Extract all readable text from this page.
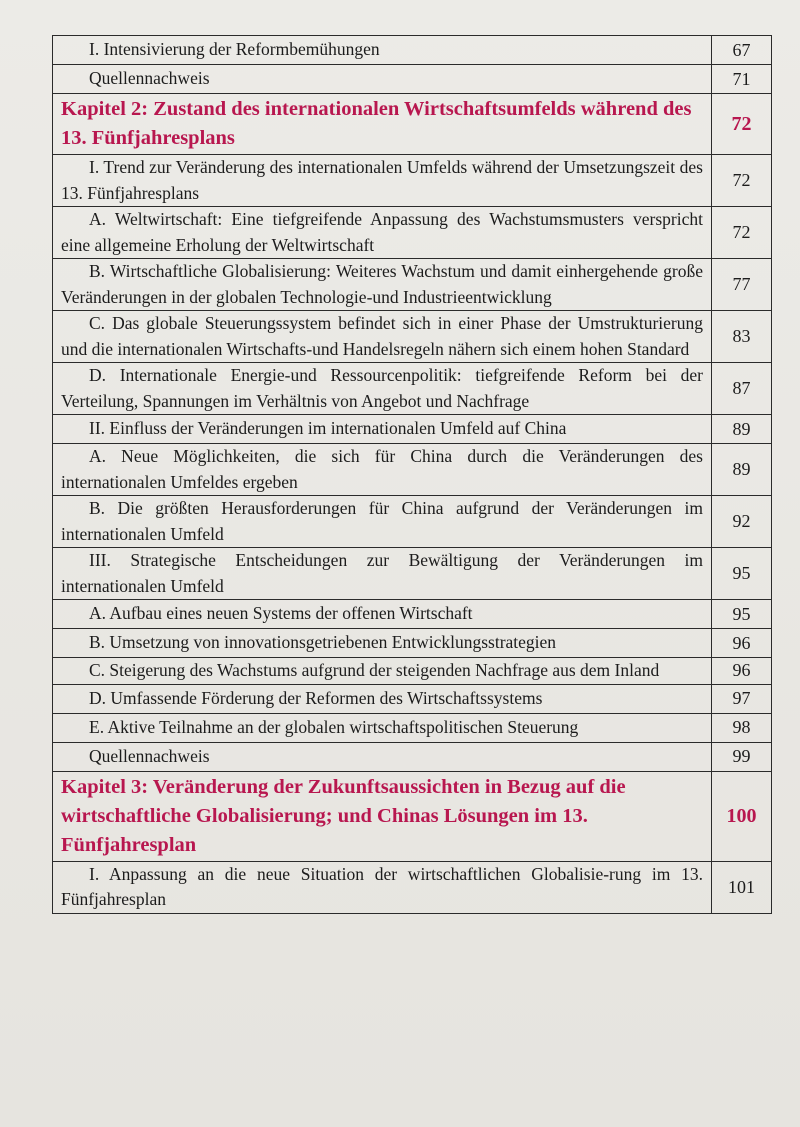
I. Intensivierung der Reformbemühungen	67
Quellennachweis	71
Kapitel 2: Zustand des internationalen Wirtschaftsumfelds während des 13. Fünfjahresplans	72
I. Trend zur Veränderung des internationalen Umfelds während der Umsetzungszeit des 13. Fünfjahresplans	72
A. Weltwirtschaft: Eine tiefgreifende Anpassung des Wachstumsmusters verspricht eine allgemeine Erholung der Weltwirtschaft	72
B. Wirtschaftliche Globalisierung: Weiteres Wachstum und damit einhergehende große Veränderungen in der globalen Technologie-und Industrieentwicklung	77
C. Das globale Steuerungssystem befindet sich in einer Phase der Umstrukturierung und die internationalen Wirtschafts-und Handelsregeln nähern sich einem hohen Standard	83
D. Internationale Energie-und Ressourcenpolitik: tiefgreifende Reform bei der Verteilung, Spannungen im Verhältnis von Angebot und Nachfrage	87
II. Einfluss der Veränderungen im internationalen Umfeld auf China	89
A. Neue Möglichkeiten, die sich für China durch die Veränderungen des internationalen Umfeldes ergeben	89
B. Die größten Herausforderungen für China aufgrund der Veränderungen im internationalen Umfeld	92
III. Strategische Entscheidungen zur Bewältigung der Veränderungen im internationalen Umfeld	95
A. Aufbau eines neuen Systems der offenen Wirtschaft	95
B. Umsetzung von innovationsgetriebenen Entwicklungsstrategien	96
C. Steigerung des Wachstums aufgrund der steigenden Nachfrage aus dem Inland	96
D. Umfassende Förderung der Reformen des Wirtschaftssystems	97
E. Aktive Teilnahme an der globalen wirtschaftspolitischen Steuerung	98
Quellennachweis	99
Kapitel 3: Veränderung der Zukunftsaussichten in Bezug auf die wirtschaftliche Globalisierung; und Chinas Lösungen im 13. Fünfjahresplan	100
I. Anpassung an die neue Situation der wirtschaftlichen Globalisie-rung im 13. Fünfjahresplan	101
